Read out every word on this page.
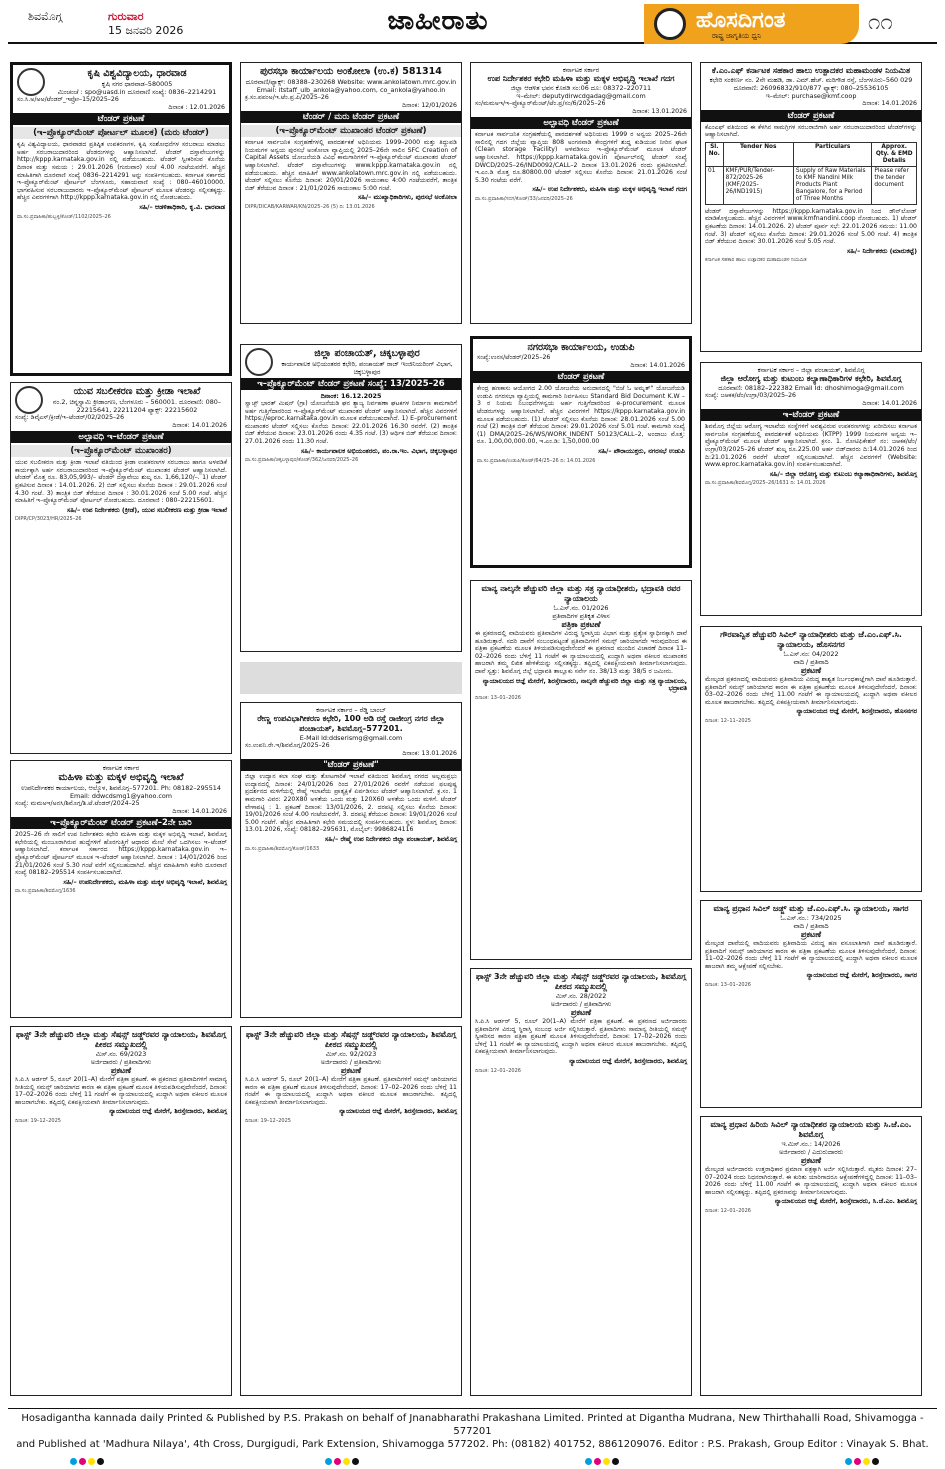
ಶಿವಮೊಗ್ಗ	ಗುರುವಾರ
15 ಜನವರಿ 2026	ಜಾಹೀರಾತು	ಹೊಸದಿಗಂತ
ರಾಷ್ಟ್ರ ಜಾಗೃತಿಯ ಧ್ವನಿ
೧೧
ಕೃಷಿ ವಿಶ್ವವಿದ್ಯಾಲಯ, ಧಾರವಾಡ
ಕೃಷಿ ನಗರ ಧಾರವಾಡ–580005
ಮಿಂಚಂಚೆ : spo@uasd.in ದೂರವಾಣಿ ಸಂಖ್ಯೆ: 0836–2214291
ಸಂ.ಸಿ.ಅ/ಅಅ/ಟೆಂಡರ್_ಇಪ್ರೋ–15/2025–26
ದಿನಾಂಕ : 12.01.2026
ಟೆಂಡರ್ ಪ್ರಕಟಣೆ
(ಇ–ಪ್ರೊಕ್ಯೂರ್‌ಮೆಂಟ್ ಪೋರ್ಟಲ್ ಮೂಲಕ) (ಮರು ಟೆಂಡರ್)

ಕೃಷಿ ವಿಶ್ವವಿದ್ಯಾಲಯ, ಧಾರವಾಡದ ಪ್ರತಿಷ್ಠಿತ ಉಪಕರಣಗಳ, ಕೃಷಿ ಸಂಶೋಧನೆಗಳ ಸರಬರಾಜು ಮಾಡಲು ಅರ್ಹ ಸರಬರಾಜುದಾರರಿಂದ ಟೆಂಡರುಗಳನ್ನು ಆಹ್ವಾನಿಸಲಾಗಿದೆ. ಟೆಂಡರ್ ದಸ್ತಾವೇಜುಗಳನ್ನು http://kppp.karnataka.gov.in ನಲ್ಲಿ ಪಡೆಯಬಹುದು. ಟೆಂಡರ್ ಸ್ವೀಕರಿಸುವ ಕೊನೆಯ ದಿನಾಂಕ ಮತ್ತು ಸಮಯ : 29.01.2026 (ಗುರುವಾರ) ಸಂಜೆ 4.00 ಗಂಟೆಯವರೆಗೆ. ಹೆಚ್ಚಿನ ಮಾಹಿತಿಗಾಗಿ ದೂರವಾಣಿ ಸಂಖ್ಯೆ 0836–2214291 ಅನ್ನು ಸಂಪರ್ಕಿಸಬಹುದು. ಕರ್ನಾಟಕ ಸರ್ಕಾರದ ಇ–ಪ್ರೊಕ್ಯೂರ್‌ಮೆಂಟ್ ಪೋರ್ಟಲ್ ಬೆಂಗಳೂರು, ಸಹಾಯವಾಣಿ ಸಂಖ್ಯೆ : 080–46010000. ಭಾಗವಹಿಸುವ ಸರಬರಾಜುದಾರರು ಇ–ಪ್ರೊಕ್ಯೂರ್‌ಮೆಂಟ್ ಪೋರ್ಟಲ್ ಮೂಲಕ ಟೆಂಡರನ್ನು ಸಲ್ಲಿಸತಕ್ಕದ್ದು. ಹೆಚ್ಚಿನ ವಿವರಗಳಿಗಾಗಿ http://kppp.karnataka.gov.in ನಲ್ಲಿ ನೋಡಬಹುದು.

ಸಹಿ/– ಆಡಳಿತಾಧಿಕಾರಿ, ಕೃ.ವಿ. ಧಾರವಾಡ
ವಾ.ಸಂ.ಪ್ರವಾಹಿಕಾ/ಹುಬ್ಬಳ್ಳಿ/ಕೋಡ್/1102/2025–26
ಯುವ ಸಬಲೀಕರಣ ಮತ್ತು ಕ್ರೀಡಾ ಇಲಾಖೆ
ನಂ.2, ಚಿನ್ನಸ್ವಾಮಿ ಕ್ರೀಡಾಂಗಣ, ಬೆಂಗಳೂರು – 560001. ದೂರವಾಣಿ: 080–22215641, 22211204 ಫ್ಯಾಕ್ಸ್: 22215602
ಸಂಖ್ಯೆ: ಡಿವೈಎಸ್/ಕ್ರೀಡೆ/ಇ–ಟೆಂಡರ್/02/2025–26
ದಿನಾಂಕ: 14.01.2026
ಅಲ್ಪಾವಧಿ ಇ–ಟೆಂಡರ್ ಪ್ರಕಟಣೆ
(ಇ–ಪ್ರೊಕ್ಯೂರ್‌ಮೆಂಟ್ ಮುಖಾಂತರ)

ಯುವ ಸಬಲೀಕರಣ ಮತ್ತು ಕ್ರೀಡಾ ಇಲಾಖೆ ವತಿಯಿಂದ ಕ್ರೀಡಾ ಉಪಕರಣಗಳ ಸರಬರಾಜು ಹಾಗೂ ಅಳವಡಿಕೆ ಕಾರ್ಯಕ್ಕಾಗಿ ಅರ್ಹ ಸರಬರಾಜುದಾರರಿಂದ ಇ–ಪ್ರೊಕ್ಯೂರ್‌ಮೆಂಟ್ ಮುಖಾಂತರ ಟೆಂಡರ್ ಆಹ್ವಾನಿಸಲಾಗಿದೆ. ಟೆಂಡರ್ ಮೊತ್ತ ರೂ. 83,05,993/– ಟೆಂಡರ್ ದಸ್ತಾವೇಜು ಶುಲ್ಕ ರೂ. 1,66,120/–. 1) ಟೆಂಡರ್ ಪ್ರಕಟಿಸುವ ದಿನಾಂಕ : 14.01.2026. 2) ಬಿಡ್ ಸಲ್ಲಿಸಲು ಕೊನೆಯ ದಿನಾಂಕ : 29.01.2026 ಸಂಜೆ 4.30 ಗಂಟೆ. 3) ತಾಂತ್ರಿಕ ಬಿಡ್ ತೆರೆಯುವ ದಿನಾಂಕ : 30.01.2026 ಸಂಜೆ 5.00 ಗಂಟೆ. ಹೆಚ್ಚಿನ ಮಾಹಿತಿಗೆ ಇ–ಪ್ರೊಕ್ಯೂರ್‌ಮೆಂಟ್ ಪೋರ್ಟಲ್ ನೋಡಬಹುದು. ದೂರವಾಣಿ : 080–22215601.

ಸಹಿ/– ಉಪ ನಿರ್ದೇಶಕರು (ಕ್ರೀಡೆ), ಯುವ ಸಬಲೀಕರಣ ಮತ್ತು ಕ್ರೀಡಾ ಇಲಾಖೆ
DIPR/CP/3023/HR/2025–26
ಕರ್ನಾಟಕ ಸರ್ಕಾರ
ಮಹಿಳಾ ಮತ್ತು ಮಕ್ಕಳ ಅಭಿವೃದ್ಧಿ ಇಲಾಖೆ
ಉಪನಿರ್ದೇಶಕರ ಕಾರ್ಯಾಲಯ, ಆಲ್ಕೊಳ, ಶಿವಮೊಗ್ಗ–577201. Ph: 08182–295514 Email: ddwcdsmg1@yahoo.com
ಸಂಖ್ಯೆ: ಮಮಅಇ/ಅನಸಿ/ಶಿಮೊಗ್ಗ/ಶಿ.ಟೆ.ಟೆಂಡರ್/2024–25
ದಿನಾಂಕ: 14.01.2026
ಇ–ಪ್ರೊಕ್ಯೂರ್‌ಮೆಂಟ್ ಟೆಂಡರ್ ಪ್ರಕಟಣೆ–2ನೇ ಬಾರಿ

2025–26 ನೇ ಸಾಲಿಗೆ ಉಪ ನಿರ್ದೇಶಕರು ಕಛೇರಿ ಮಹಿಳಾ ಮತ್ತು ಮಕ್ಕಳ ಅಭಿವೃದ್ಧಿ ಇಲಾಖೆ, ಶಿವಮೊಗ್ಗ ಕಛೇರಿಯಲ್ಲಿ ಮಂಜೂರಾಗಿರುವ ಹುದ್ದೆಗಳಿಗೆ ಹೊರಗುತ್ತಿಗೆ ಆಧಾರದ ಮೇಲೆ ಸೇವೆ ಒದಗಿಸಲು ಇ–ಟೆಂಡರ್ ಆಹ್ವಾನಿಸಲಾಗಿದೆ. ಕರ್ನಾಟಕ ಸರ್ಕಾರದ https://kppp.karnataka.gov.in ಇ–ಪ್ರೊಕ್ಯೂರ್‌ಮೆಂಟ್ ಪೋರ್ಟಲ್ ಮೂಲಕ ಇ–ಟೆಂಡರ್ ಆಹ್ವಾನಿಸಲಾಗಿದೆ. ದಿನಾಂಕ : 14/01/2026 ರಿಂದ 21/01/2026 ಸಂಜೆ 5.30 ಗಂಟೆ ವರೆಗೆ ಸಲ್ಲಿಸಬಹುದಾಗಿದೆ. ಹೆಚ್ಚಿನ ಮಾಹಿತಿಗಾಗಿ ಕಚೇರಿ ದೂರವಾಣಿ ಸಂಖ್ಯೆ 08182–295514 ಸಂಪರ್ಕಿಸಬಹುದಾಗಿದೆ.

ಸಹಿ/– ಉಪನಿರ್ದೇಶಕರು, ಮಹಿಳಾ ಮತ್ತು ಮಕ್ಕಳ ಅಭಿವೃದ್ಧಿ ಇಲಾಖೆ, ಶಿವಮೊಗ್ಗ
ವಾ.ಸಂ.ಪ್ರವಾಹಿಕಾ/ಶಿವಮೊಗ್ಗ/1636
ಫಾಸ್ಟ್ 3ನೇ ಹೆಚ್ಚುವರಿ ಜಿಲ್ಲಾ ಮತ್ತು ಸೆಷನ್ಸ್ ಜಡ್ಜ್‌ರವರ ನ್ಯಾಯಾಲಯ, ಶಿವಮೊಗ್ಗ ಪೀಠದ ಸಮ್ಮುಖದಲ್ಲಿ
ಮಿಸ್.ನಂ. 69/2023
ಅರ್ಜಿದಾರರು / ಪ್ರತಿವಾದಿಗಳು
ಪ್ರಕಟಣೆ

ಸಿ.ಪಿ.ಸಿ ಆರ್ಡರ್ 5, ರೂಲ್ 20(1–A) ಮೇರೆಗೆ ಪತ್ರಿಕಾ ಪ್ರಕಟಣೆ. ಈ ಪ್ರಕರಣದ ಪ್ರತಿವಾದಿಗಳಿಗೆ ಸಾಮಾನ್ಯ ರೀತಿಯಲ್ಲಿ ಸಮನ್ಸ್ ಜಾರಿಯಾಗದ ಕಾರಣ ಈ ಪತ್ರಿಕಾ ಪ್ರಕಟಣೆ ಮೂಲಕ ತಿಳಿಯಪಡಿಸುವುದೇನೆಂದರೆ, ದಿನಾಂಕ: 17–02–2026 ರಂದು ಬೆಳಿಗ್ಗೆ 11 ಗಂಟೆಗೆ ಈ ನ್ಯಾಯಾಲಯದಲ್ಲಿ ಖುದ್ದಾಗಿ ಅಥವಾ ವಕೀಲರ ಮೂಲಕ ಹಾಜರಾಗಬೇಕು. ತಪ್ಪಿದಲ್ಲಿ ಏಕಪಕ್ಷೀಯವಾಗಿ ತೀರ್ಮಾನಿಸಲಾಗುವುದು.

ನ್ಯಾಯಾಲಯದ ಆಜ್ಞೆ ಮೇರೆಗೆ, ಶಿರಸ್ತೇದಾರರು, ಶಿವಮೊಗ್ಗ
ದಿನಾಂಕ: 19–12–2025
ಪುರಸಭಾ ಕಾರ್ಯಾಲಯ ಅಂಕೋಲಾ (ಉ.ಕ) 581314
ದೂರವಾಣಿ/ಫ್ಯಾಕ್ಸ್: 08388–230268 Website: www.ankolatown.mrc.gov.in
Email: itstaff_ulb_ankola@yahoo.com, co_ankola@yahoo.in
ಕ್ರ.ಸಂ.ಪಪಂಅ/ಇ.ಟೆಂ.ಪ್ರ.ಪಿ/2025–26
ದಿನಾಂಕ: 12/01/2026
ಟೆಂಡರ್ / ಮರು ಟೆಂಡರ್ ಪ್ರಕಟಣೆ
(ಇ–ಪ್ರೊಕ್ಯೂರ್‌ಮೆಂಟ್ ಮುಖಾಂತರ ಟೆಂಡರ್ ಪ್ರಕಟಣೆ)

ಕರ್ನಾಟಕ ಸಾರ್ವಜನಿಕ ಸಂಗ್ರಹಣೆಗಳಲ್ಲಿ ಪಾರದರ್ಶಕತೆ ಅಧಿನಿಯಮ 1999–2000 ಮತ್ತು ತಿದ್ದುಪಡಿ ನಿಯಮಗಳ ಅನ್ವಯ ಪುರಸಭೆ ಅಂಕೋಲಾ ವ್ಯಾಪ್ತಿಯಲ್ಲಿ 2025–26ನೇ ಸಾಲಿನ SFC Creation of Capital Assets ಯೋಜನೆಯಡಿ ವಿವಿಧ ಕಾಮಗಾರಿಗಳಿಗೆ ಇ–ಪ್ರೊಕ್ಯೂರ್‌ಮೆಂಟ್ ಮುಖಾಂತರ ಟೆಂಡರ್ ಆಹ್ವಾನಿಸಲಾಗಿದೆ. ಟೆಂಡರ್ ದಸ್ತಾವೇಜುಗಳನ್ನು www.kppp.karnataka.gov.in ನಲ್ಲಿ ಪಡೆಯಬಹುದು. ಹೆಚ್ಚಿನ ಮಾಹಿತಿಗೆ www.ankolatown.mrc.gov.in ನಲ್ಲಿ ಪಡೆಯಬಹುದು. ಟೆಂಡರ್ ಸಲ್ಲಿಸಲು ಕೊನೆಯ ದಿನಾಂಕ: 20/01/2026 ಸಾಯಂಕಾಲ 4:00 ಗಂಟೆಯವರೆಗೆ, ತಾಂತ್ರಿಕ ಬಿಡ್ ತೆರೆಯುವ ದಿನಾಂಕ : 21/01/2026 ಸಾಯಂಕಾಲ 5:00 ಗಂಟೆ.

ಸಹಿ/– ಮುಖ್ಯಾಧಿಕಾರಿಗಳು, ಪುರಸಭೆ ಅಂಕೋಲಾ
DIPR/DICAB/KARWAR/KN/2025–26 (5) ದಿ: 13.01.2026
ಜಿಲ್ಲಾ ಪಂಚಾಯತ್, ಚಿಕ್ಕಬಳ್ಳಾಪುರ
ಕಾರ್ಯಪಾಲಕ ಅಭಿಯಂತರರ ಕಛೇರಿ, ಪಂಚಾಯತ್ ರಾಜ್ ಇಂಜಿನಿಯರಿಂಗ್ ವಿಭಾಗ, ಚಿಕ್ಕಬಳ್ಳಾಪುರ
ಇ–ಪ್ರೊಕ್ಯೂರ್‌ಮೆಂಟ್ ಟೆಂಡರ್ ಪ್ರಕಟಣೆ ಸಂಖ್ಯೆ: 13/2025–26
ದಿನಾಂಕ: 16.12.2025

ಸ್ವಾಚ್ಛ್ ಭಾರತ್ ಮಿಷನ್ (ಗ್ರಾ) ಯೋಜನೆಯಡಿ ಘನ ತ್ಯಾಜ್ಯ ನಿರ್ವಹಣಾ ಘಟಕಗಳ ನಿರ್ಮಾಣ ಕಾಮಗಾರಿಗೆ ಅರ್ಹ ಗುತ್ತಿಗೆದಾರರಿಂದ ಇ–ಪ್ರೊಕ್ಯೂರ್‌ಮೆಂಟ್ ಮುಖಾಂತರ ಟೆಂಡರ್ ಆಹ್ವಾನಿಸಲಾಗಿದೆ. ಹೆಚ್ಚಿನ ವಿವರಗಳಿಗೆ https://eproc.karnataka.gov.in ಮೂಲಕ ಪಡೆಯಬಹುದಾಗಿದೆ. 1) E–procurement ಮುಖಾಂತರ ಟೆಂಡರ್ ಸಲ್ಲಿಸಲು ಕೊನೆಯ ದಿನಾಂಕ: 22.01.2026 16.30 ರವರೆಗೆ. (2) ತಾಂತ್ರಿಕ ಬಿಡ್ ತೆರೆಯುವ ದಿನಾಂಕ: 23.01.2026 ರಂದು 4.35 ಗಂಟೆ. (3) ಆರ್ಥಿಕ ಬಿಡ್ ತೆರೆಯುವ ದಿನಾಂಕ: 27.01.2026 ರಂದು 11.30 ಗಂಟೆ.

ಸಹಿ/– ಕಾರ್ಯಪಾಲಕ ಅಭಿಯಂತರರು, ಪಂ.ರಾ.ಇಂ. ವಿಭಾಗ, ಚಿಕ್ಕಬಳ್ಳಾಪುರ
ವಾ.ಸಂ.ಪ್ರವಾಹಿಕಾ/ಚಿಕ್ಕಬಳ್ಳಾಪುರ/ಕೋಡ್/362/ಜನವರಿ/2025–26
ಕರ್ನಾಟಕ ಸರ್ಕಾರ – ರೆಡ್ಡಿ ಬಾಂಬ್
ರೇಣ್ಣ ಉಪವಿಭಾಗೀಕರಣ ಕಛೇರಿ, 100 ಅಡಿ ರಸ್ತೆ ರಾಜೀಂಗ್ರ ನಗರ ಜಿಲ್ಲಾ ಪಂಚಾಯತ್, ಶಿವಮೊಗ್ಗ–577201.
E-Mail ld:ddserismg@gmail.com
ಸಂ.ಉಪನಿ.ರೇ.ಇ/ಶಿವಮೊಗ್ಗ/2025–26
ದಿನಾಂಕ: 13.01.2026
"ಟೆಂಡರ್ ಪ್ರಕಟಣೆ"

ಜಿಲ್ಲಾ ಉದ್ಯಾನ ಕಲಾ ಸಂಘ ಮತ್ತು ತೋಟಗಾರಿಕೆ ಇಲಾಖೆ ವತಿಯಿಂದ ಶಿವಮೊಗ್ಗ ನಗರದ ಅಲ್ಲಮಪ್ರಭು ಉದ್ಯಾನದಲ್ಲಿ ದಿನಾಂಕ: 24/01/2026 ರಿಂದ 27/01/2026 ರವರೆಗೆ ನಡೆಯುವ ಫಲಪುಷ್ಪ ಪ್ರದರ್ಶನದ ಮಳಿಗೆಯಲ್ಲಿ ರೇಷ್ಮೆ ಇಲಾಖೆಯ ಪ್ರಾತ್ಯಕ್ಷಿಕೆ ಏರ್ಪಡಿಸಲು ಟೆಂಡರ್ ಆಹ್ವಾನಿಸಲಾಗಿದೆ. ಕ್ರ.ಸಂ. 1 ಕಾಮಗಾರಿ ವಿವರ: 220X80 ಅಳತೆಯ ಒಂದು ಮತ್ತು 120X60 ಅಳತೆಯ ಒಂದು ಮಳಿಗೆ. ಟೆಂಡರ್ ವೇಳಾಪಟ್ಟಿ : 1. ಪ್ರಕಟಣೆ ದಿನಾಂಕ: 13/01/2026, 2. ದರಪಟ್ಟಿ ಸಲ್ಲಿಸಲು ಕೊನೆಯ ದಿನಾಂಕ: 19/01/2026 ಸಂಜೆ 4.00 ಗಂಟೆಯವರೆಗೆ, 3. ದರಪಟ್ಟಿ ತೆರೆಯುವ ದಿನಾಂಕ: 19/01/2026 ಸಂಜೆ 5.00 ಗಂಟೆಗೆ. ಹೆಚ್ಚಿನ ಮಾಹಿತಿಗಾಗಿ ಕಛೇರಿ ಸಮಯದಲ್ಲಿ ಸಂಪರ್ಕಿಸಬಹುದು. ಸ್ಥಳ: ಶಿವಮೊಗ್ಗ ದಿನಾಂಕ: 13.01.2026, ಸಂಖ್ಯೆ: 08182–295631, ಮೊಬೈಲ್: 9986824116

ಸಹಿ/– ರೇಷ್ಮೆ ಉಪ ನಿರ್ದೇಶಕರು ಜಿಲ್ಲಾ ಪಂಚಾಯತ್, ಶಿವಮೊಗ್ಗ
ವಾ.ಸಂ.ಪ್ರವಾಹಿಕಾ/ಶಿವಮೊಗ್ಗ/ಕೋಡ್/1633
ಫಾಸ್ಟ್ 3ನೇ ಹೆಚ್ಚುವರಿ ಜಿಲ್ಲಾ ಮತ್ತು ಸೆಷನ್ಸ್ ಜಡ್ಜ್‌ರವರ ನ್ಯಾಯಾಲಯ, ಶಿವಮೊಗ್ಗ ಪೀಠದ ಸಮ್ಮುಖದಲ್ಲಿ
ಮಿಸ್.ನಂ. 92/2023
ಅರ್ಜಿದಾರರು / ಪ್ರತಿವಾದಿಗಳು
ಪ್ರಕಟಣೆ

ಸಿ.ಪಿ.ಸಿ ಆರ್ಡರ್ 5, ರೂಲ್ 20(1–A) ಮೇರೆಗೆ ಪತ್ರಿಕಾ ಪ್ರಕಟಣೆ. ಪ್ರತಿವಾದಿಗಳಿಗೆ ಸಮನ್ಸ್ ಜಾರಿಯಾಗದ ಕಾರಣ ಈ ಪತ್ರಿಕಾ ಪ್ರಕಟಣೆ ಮೂಲಕ ತಿಳಿಸುವುದೇನೆಂದರೆ, ದಿನಾಂಕ: 17–02–2026 ರಂದು ಬೆಳಿಗ್ಗೆ 11 ಗಂಟೆಗೆ ಈ ನ್ಯಾಯಾಲಯದಲ್ಲಿ ಖುದ್ದಾಗಿ ಅಥವಾ ವಕೀಲರ ಮೂಲಕ ಹಾಜರಾಗಬೇಕು. ತಪ್ಪಿದಲ್ಲಿ ಏಕಪಕ್ಷೀಯವಾಗಿ ತೀರ್ಮಾನಿಸಲಾಗುವುದು.

ನ್ಯಾಯಾಲಯದ ಆಜ್ಞೆ ಮೇರೆಗೆ, ಶಿರಸ್ತೇದಾರರು, ಶಿವಮೊಗ್ಗ
ದಿನಾಂಕ: 19–12–2025
ಕರ್ನಾಟಕ ಸರ್ಕಾರ
ಉಪ ನಿರ್ದೇಶಕರ ಕಛೇರಿ ಮಹಿಳಾ ಮತ್ತು ಮಕ್ಕಳ ಅಭಿವೃದ್ಧಿ ಇಲಾಖೆ ಗದಗ
ಜಿಲ್ಲಾ ಆಡಳಿತ ಭವನ ಕೊಠಡಿ ಸಂ:06 ದೂ: 08372–220711
ಇ–ಮೇಲ್: deputydirwcdgadag@gmail.com
ಸಂ/ಮಮಅಇ/ಇ–ಪ್ರೊಕ್ಯೂರ್‌ಮೆಂಟ್/ಟೆಂ.ಪ್ರ/ಸಂ/6/2025–26
ದಿನಾಂಕ: 13.01.2026
ಅಲ್ಪಾವಧಿ ಟೆಂಡರ್ ಪ್ರಕಟಣೆ

ಕರ್ನಾಟಕ ಸಾರ್ವಜನಿಕ ಸಂಗ್ರಹಣೆಯಲ್ಲಿ ಪಾರದರ್ಶಕತೆ ಅಧಿನಿಯಮ 1999 ರ ಅನ್ವಯ 2025–26ನೇ ಸಾಲಿನಲ್ಲಿ ಗದಗ ಜಿಲ್ಲೆಯ ವ್ಯಾಪ್ತಿಯ 808 ಅಂಗನವಾಡಿ ಕೇಂದ್ರಗಳಿಗೆ ಶುದ್ಧ ಕುಡಿಯುವ ನೀರಿನ ಘಟಕ (Clean storage Facility) ಅಳವಡಿಸಲು ಇ–ಪ್ರೊಕ್ಯೂರ್‌ಮೆಂಟ್ ಮೂಲಕ ಟೆಂಡರ್ ಆಹ್ವಾನಿಸಲಾಗಿದೆ. https://kppp.karnataka.gov.in ಪೋರ್ಟಲ್‌ನಲ್ಲಿ ಟೆಂಡರ್ ಸಂಖ್ಯೆ DWCD/2025–26/IND0092/CALL–2 ದಿನಾಂಕ 13.01.2026 ರಂದು ಪ್ರಕಟಿಸಲಾಗಿದೆ. ಇ.ಎಂ.ಡಿ ಮೊತ್ತ ರೂ.80800.00 ಟೆಂಡರ್ ಸಲ್ಲಿಸಲು ಕೊನೆಯ ದಿನಾಂಕ: 21.01.2026 ಸಂಜೆ 5.30 ಗಂಟೆಯ ವರೆಗೆ.

ಸಹಿ/– ಉಪ ನಿರ್ದೇಶಕರು, ಮಹಿಳಾ ಮತ್ತು ಮಕ್ಕಳ ಅಭಿವೃದ್ಧಿ ಇಲಾಖೆ ಗದಗ
ವಾ.ಸಂ.ಪ್ರವಾಹಿಕಾ/ಗದಗ/ಕೋಡ್/33/ಜನವರಿ/2025–26
ನಗರಸಭಾ ಕಾರ್ಯಾಲಯ, ಉಡುಪಿ
ಸಂಖ್ಯೆ:ಉನಸ/ಟೆಂಡರ್/2025–26
ದಿನಾಂಕ: 14.01.2026
ಟೆಂಡರ್ ಪ್ರಕಟಣೆ

ಕೇಂದ್ರ ಹಣಕಾಸು ಆಯೋಗದ 2.00 ಯೋಜನೆಯ ಅನುದಾನದಲ್ಲಿ "ಬಿಜೆ ಓ ಅಮೃತ್" ಯೋಜನೆಯಡಿ ಉಡುಪಿ ನಗರಸಭಾ ವ್ಯಾಪ್ತಿಯಲ್ಲಿ ಕಾಮಗಾರಿ ನಿರ್ವಹಿಸಲು Standard Bid Document K.W – 3 ರ ನಿಯಮ ನಿಬಂಧನೆಗಳನ್ವಯ ಅರ್ಹ ಗುತ್ತಿಗೆದಾರರಿಂದ e-procurement ಮೂಲಕ ಟೆಂಡರುಗಳನ್ನು ಆಹ್ವಾನಿಸಲಾಗಿದೆ. ಹೆಚ್ಚಿನ ವಿವರಗಳಿಗೆ https://kppp.karnataka.gov.in ಮೂಲಕ ಪಡೆಯಬಹುದು. (1) ಟೆಂಡರ್ ಸಲ್ಲಿಸಲು ಕೊನೆಯ ದಿನಾಂಕ: 28.01.2026 ಸಂಜೆ 5.00 ಗಂಟೆ (2) ತಾಂತ್ರಿಕ ಬಿಡ್ ತೆರೆಯುವ ದಿನಾಂಕ: 29.01.2026 ಸಂಜೆ 5.01 ಗಂಟೆ. ಕಾಮಗಾರಿ ಸಂಖ್ಯೆ (1) DMA/2025–26/WS/WORK_INDENT 50123/CALL–2, ಅಂದಾಜು ಮೊತ್ತ: ರೂ. 1,00,00,000.00, ಇ.ಎಂ.ಡಿ: 1,50,000.00

ಸಹಿ/– ಪೌರಾಯುಕ್ತರು, ನಗರಸಭೆ ಉಡುಪಿ
ವಾ.ಸಂ.ಪ್ರವಾಹಿಕಾ/ಉಡುಪಿ/ಕೋಡ್/64/25–26 ದಿ: 14.01.2026
ಮಾನ್ಯ ನಾಲ್ಕನೇ ಹೆಚ್ಚುವರಿ ಜಿಲ್ಲಾ ಮತ್ತು ಸತ್ರ ನ್ಯಾಯಾಧೀಶರು, ಭದ್ರಾವತಿ ರವರ ನ್ಯಾಯಾಲಯ
ಓ.ಎಸ್.ನಂ. 01/2026
ಪ್ರತಿವಾದಿಗಳ ಪ್ರತಿಕೃತ ವಿಳಾಸ
ಪತ್ರಿಕಾ ಪ್ರಕಟಣೆ

ಈ ಪ್ರಕರಣದಲ್ಲಿ ವಾದಿಯವರು ಪ್ರತಿವಾದಿಗಳ ವಿರುದ್ಧ ಸ್ಥಿರಾಸ್ತಿಯ ವಿಭಾಗ ಮತ್ತು ಪ್ರತ್ಯೇಕ ಸ್ವಾಧೀನಕ್ಕಾಗಿ ದಾವೆ ಹೂಡಿರುತ್ತಾರೆ. ಸದರಿ ದಾವೆಗೆ ಸಂಬಂಧಪಟ್ಟಂತೆ ಪ್ರತಿವಾದಿಗಳಿಗೆ ಸಮನ್ಸ್ ಜಾರಿಯಾಗದೇ ಇರುವುದರಿಂದ ಈ ಪತ್ರಿಕಾ ಪ್ರಕಟಣೆಯ ಮೂಲಕ ತಿಳಿಯಪಡಿಸುವುದೇನೆಂದರೆ ಈ ಪ್ರಕರಣದ ಮುಂದಿನ ವಿಚಾರಣೆ ದಿನಾಂಕ 11–02–2026 ರಂದು ಬೆಳಿಗ್ಗೆ 11 ಗಂಟೆಗೆ ಈ ನ್ಯಾಯಾಲಯದಲ್ಲಿ ಖುದ್ದಾಗಿ ಅಥವಾ ವಕೀಲರ ಮುಖಾಂತರ ಹಾಜರಾಗಿ ತಮ್ಮ ಲಿಖಿತ ಹೇಳಿಕೆಯನ್ನು ಸಲ್ಲಿಸತಕ್ಕದ್ದು. ತಪ್ಪಿದಲ್ಲಿ ಏಕಪಕ್ಷೀಯವಾಗಿ ತೀರ್ಮಾನಿಸಲಾಗುವುದು. ದಾವೆ ಸ್ವತ್ತು: ಶಿವಮೊಗ್ಗ ಜಿಲ್ಲೆ ಭದ್ರಾವತಿ ತಾಲ್ಲೂಕು ಸರ್ವೇ ನಂ. 38/13 ಮತ್ತು 38/5 ರ ಜಮೀನು.

ನ್ಯಾಯಾಲಯದ ಆಜ್ಞೆ ಮೇರೆಗೆ, ಶಿರಸ್ತೇದಾರರು, ನಾಲ್ಕನೇ ಹೆಚ್ಚುವರಿ ಜಿಲ್ಲಾ ಮತ್ತು ಸತ್ರ ನ್ಯಾಯಾಲಯ, ಭದ್ರಾವತಿ
ದಿನಾಂಕ: 13–01–2026
ಫಾಸ್ಟ್ 3ನೇ ಹೆಚ್ಚುವರಿ ಜಿಲ್ಲಾ ಮತ್ತು ಸೆಷನ್ಸ್ ಜಡ್ಜ್‌ರವರ ನ್ಯಾಯಾಲಯ, ಶಿವಮೊಗ್ಗ ಪೀಠದ ಸಮ್ಮುಖದಲ್ಲಿ
ಮಿಸ್.ನಂ. 28/2022
ಅರ್ಜಿದಾರರು / ಪ್ರತಿವಾದಿಗಳು
ಪ್ರಕಟಣೆ

ಸಿ.ಪಿ.ಸಿ ಆರ್ಡರ್ 5, ರೂಲ್ 20(1–A) ಮೇರೆಗೆ ಪತ್ರಿಕಾ ಪ್ರಕಟಣೆ. ಈ ಪ್ರಕರಣದ ಅರ್ಜಿದಾರರು ಪ್ರತಿವಾದಿಗಳ ವಿರುದ್ಧ ಸ್ಥಿರಾಸ್ತಿ ಸಂಬಂಧ ಅರ್ಜಿ ಸಲ್ಲಿಸಿರುತ್ತಾರೆ. ಪ್ರತಿವಾದಿಗಳು ಸಾಮಾನ್ಯ ರೀತಿಯಲ್ಲಿ ಸಮನ್ಸ್ ಸ್ವೀಕರಿಸದ ಕಾರಣ ಪತ್ರಿಕಾ ಪ್ರಕಟಣೆ ಮೂಲಕ ತಿಳಿಸುವುದೇನೆಂದರೆ, ದಿನಾಂಕ: 17–02–2026 ರಂದು ಬೆಳಿಗ್ಗೆ 11 ಗಂಟೆಗೆ ಈ ನ್ಯಾಯಾಲಯದಲ್ಲಿ ಖುದ್ದಾಗಿ ಅಥವಾ ವಕೀಲರ ಮೂಲಕ ಹಾಜರಾಗಬೇಕು. ತಪ್ಪಿದಲ್ಲಿ ಏಕಪಕ್ಷೀಯವಾಗಿ ತೀರ್ಮಾನಿಸಲಾಗುವುದು.

ನ್ಯಾಯಾಲಯದ ಆಜ್ಞೆ ಮೇರೆಗೆ, ಶಿರಸ್ತೇದಾರರು, ಶಿವಮೊಗ್ಗ
ದಿನಾಂಕ: 12–01–2026
ಕೆ.ಎಂ.ಎಫ್ ಕರ್ನಾಟಕ ಸಹಕಾರ ಹಾಲು ಉತ್ಪಾದಕರ ಮಹಾಮಂಡಳ ನಿಯಮಿತ
ಕಛೇರಿ ಸಂಕೀರ್ಣ ನಂ. 2ನೇ ಮಹಡಿ, ಡಾ. ಎಮ್.ಹೆಚ್. ಮರಿಗೌಡ ರಸ್ತೆ, ಬೆಂಗಳೂರು–560 029 ದೂರವಾಣಿ: 26096832/910/877 ಫ್ಯಾಕ್ಸ್: 080–25536105
ಇ–ಮೇಲ್: purchase@kmf.coop
ದಿನಾಂಕ: 14.01.2026
ಟೆಂಡರ್ ಪ್ರಕಟಣೆ

ಕೆಎಂಎಫ್ ವತಿಯಿಂದ ಈ ಕೆಳಗಿನ ಸಾಮಗ್ರಿಗಳ ಸರಬರಾಜಿಗಾಗಿ ಅರ್ಹ ಸರಬರಾಜುದಾರರಿಂದ ಟೆಂಡರ್‌ಗಳನ್ನು ಆಹ್ವಾನಿಸಲಾಗಿದೆ.

Sl. No.	Tender Nos	Particulars	Approx. Qty. & EMD Details
01	KMF/PUR/Tender-872/2025-26 (KMF/2025-26/IND1915)	Supply of Raw Materials to KMF Nandini Milk Products Plant Bangalore, for a Period of Three Months	Please refer the tender document

ಟೆಂಡರ್ ದಸ್ತಾವೇಜುಗಳನ್ನು https://kppp.karnataka.gov.in ನಿಂದ ಡೌನ್‌ಲೋಡ್ ಮಾಡಿಕೊಳ್ಳಬಹುದು. ಹೆಚ್ಚಿನ ವಿವರಗಳಿಗೆ www.kmfnandini.coop ನೋಡಬಹುದು. 1) ಟೆಂಡರ್ ಪ್ರಕಟಣೆಯ ದಿನಾಂಕ: 14.01.2026. 2) ಟೆಂಡರ್ ಪೂರ್ವ ಸಭೆ: 22.01.2026 ಸಮಯ: 11.00 ಗಂಟೆ. 3) ಟೆಂಡರ್ ಸಲ್ಲಿಸಲು ಕೊನೆಯ ದಿನಾಂಕ: 29.01.2026 ಸಂಜೆ 5.00 ಗಂಟೆ. 4) ತಾಂತ್ರಿಕ ಬಿಡ್ ತೆರೆಯುವ ದಿನಾಂಕ: 30.01.2026 ಸಂಜೆ 5.05 ಗಂಟೆ.

ಸಹಿ/– ನಿರ್ದೇಶಕರು (ಮಾರುಕಟ್ಟೆ)
ಕರ್ನಾಟಕ ಸಹಕಾರ ಹಾಲು ಉತ್ಪಾದಕರ ಮಹಾಮಂಡಳ ನಿಯಮಿತ
ಕರ್ನಾಟಕ ಸರ್ಕಾರ – ಜಿಲ್ಲಾ ಪಂಚಾಯತ್, ಶಿವಮೊಗ್ಗ
ಜಿಲ್ಲಾ ಆರೋಗ್ಯ ಮತ್ತು ಕುಟುಂಬ ಕಲ್ಯಾಣಾಧಿಕಾರಿಗಳ ಕಛೇರಿ, ಶಿವಮೊಗ್ಗ
ದೂರವಾಣಿ: 08182–222382 Email Id: dhoshimoga@gmail.com
ಸಂಖ್ಯೆ: ಜಆಕಕ/ಟೆಂ/ಉಗ್ರಾ/03/2025–26
ದಿನಾಂಕ: 14.01.2026
ಇ–ಟೆಂಡರ್ ಪ್ರಕಟಣೆ

ಶಿವಮೊಗ್ಗ ಜಿಲ್ಲೆಯ ಆರೋಗ್ಯ ಇಲಾಖೆಯ ಸಂಸ್ಥೆಗಳಿಗೆ ಅವಶ್ಯವಿರುವ ಉಪಕರಣಗಳನ್ನು ಖರೀದಿಸಲು ಕರ್ನಾಟಕ ಸಾರ್ವಜನಿಕ ಸಂಗ್ರಹಣೆಯಲ್ಲಿ ಪಾರದರ್ಶಕತೆ ಅಧಿನಿಯಮ (KTPP) 1999 ನಿಯಮಗಳ ಅನ್ವಯ ಇ–ಪ್ರೊಕ್ಯೂರ್‌ಮೆಂಟ್ ಮೂಲಕ ಟೆಂಡರ್ ಆಹ್ವಾನಿಸಲಾಗಿದೆ. ಕ್ರಸಂ. 1. ನೋಟಿಫಿಕೇಶನ್ ನಂ: ಜಆಕಕ/ಟೆಂ/ಉಗ್ರಾ/03/2025–26 ಟೆಂಡರ್ ಶುಲ್ಕ ರೂ.225.00 ಅರ್ಹ ಬಿಡ್‌ದಾರರು ದಿ:14.01.2026 ರಿಂದ ದಿ:21.01.2026 ರವರೆಗೆ ಟೆಂಡರ್ ಸಲ್ಲಿಸಬಹುದಾಗಿದೆ. ಹೆಚ್ಚಿನ ವಿವರಗಳಿಗೆ (Website: www.eproc.karnataka.gov.in) ಸಂಪರ್ಕಿಸಬಹುದಾಗಿದೆ.

ಸಹಿ/– ಜಿಲ್ಲಾ ಆರೋಗ್ಯ ಮತ್ತು ಕುಟುಂಬ ಕಲ್ಯಾಣಾಧಿಕಾರಿಗಳು, ಶಿವಮೊಗ್ಗ
ವಾ.ಸಂ.ಪ್ರವಾಹಿಕಾ/ಶಿವಮೊಗ್ಗ/2025–26/1631 ದಿ: 14.01.2026
ಗೌರವಾನ್ವಿತ ಹೆಚ್ಚುವರಿ ಸಿವಿಲ್ ನ್ಯಾಯಾಧೀಶರು ಮತ್ತು ಜೆ.ಎಂ.ಎಫ್.ಸಿ. ನ್ಯಾಯಾಲಯ, ಹೊಸನಗರ
ಓ.ಎಸ್.ನಂ: 04/2022
ವಾದಿ / ಪ್ರತಿವಾದಿ
ಪ್ರಕಟಣೆ

ಮೇಲ್ಕಂಡ ಪ್ರಕರಣದಲ್ಲಿ ವಾದಿಯವರು ಪ್ರತಿವಾದಿಯ ವಿರುದ್ಧ ಶಾಶ್ವತ ನಿರ್ಬಂಧಕಾಜ್ಞೆಗಾಗಿ ದಾವೆ ಹೂಡಿರುತ್ತಾರೆ. ಪ್ರತಿವಾದಿಗೆ ಸಮನ್ಸ್ ಜಾರಿಯಾಗದ ಕಾರಣ ಈ ಪತ್ರಿಕಾ ಪ್ರಕಟಣೆಯ ಮೂಲಕ ತಿಳಿಸುವುದೇನೆಂದರೆ, ದಿನಾಂಕ: 03–02–2026 ರಂದು ಬೆಳಿಗ್ಗೆ 11.00 ಗಂಟೆಗೆ ಈ ನ್ಯಾಯಾಲಯದಲ್ಲಿ ಖುದ್ದಾಗಿ ಅಥವಾ ವಕೀಲರ ಮೂಲಕ ಹಾಜರಾಗಬೇಕು. ತಪ್ಪಿದಲ್ಲಿ ಏಕಪಕ್ಷೀಯವಾಗಿ ತೀರ್ಮಾನಿಸಲಾಗುವುದು.

ನ್ಯಾಯಾಲಯದ ಆಜ್ಞೆ ಮೇರೆಗೆ, ಶಿರಸ್ತೇದಾರರು, ಹೊಸನಗರ
ದಿನಾಂಕ: 12–11–2025
ಮಾನ್ಯ ಪ್ರಧಾನ ಸಿವಿಲ್ ಜಡ್ಜ್ ಮತ್ತು ಜೆ.ಎಂ.ಎಫ್.ಸಿ. ನ್ಯಾಯಾಲಯ, ಸಾಗರ
ಓ.ಎಸ್.ನಂ.: 734/2025
ವಾದಿ / ಪ್ರತಿವಾದಿ
ಪ್ರಕಟಣೆ

ಮೇಲ್ಕಂಡ ದಾವೆಯಲ್ಲಿ ವಾದಿಯವರು ಪ್ರತಿವಾದಿಯ ವಿರುದ್ಧ ಹಣ ವಸೂಲಾತಿಗಾಗಿ ದಾವೆ ಹೂಡಿರುತ್ತಾರೆ. ಪ್ರತಿವಾದಿಗೆ ಸಮನ್ಸ್ ಜಾರಿಯಾಗದ ಕಾರಣ ಈ ಪತ್ರಿಕಾ ಪ್ರಕಟಣೆಯ ಮೂಲಕ ತಿಳಿಸುವುದೇನೆಂದರೆ, ದಿನಾಂಕ: 11–02–2026 ರಂದು ಬೆಳಿಗ್ಗೆ 11 ಗಂಟೆಗೆ ಈ ನ್ಯಾಯಾಲಯದಲ್ಲಿ ಖುದ್ದಾಗಿ ಅಥವಾ ವಕೀಲರ ಮೂಲಕ ಹಾಜರಾಗಿ ತಮ್ಮ ಆಕ್ಷೇಪಣೆ ಸಲ್ಲಿಸಬೇಕು.

ನ್ಯಾಯಾಲಯದ ಆಜ್ಞೆ ಮೇರೆಗೆ, ಶಿರಸ್ತೇದಾರರು, ಸಾಗರ
ದಿನಾಂಕ: 13–01–2026
ಮಾನ್ಯ ಪ್ರಧಾನ ಹಿರಿಯ ಸಿವಿಲ್ ನ್ಯಾಯಾಧೀಶರ ನ್ಯಾಯಾಲಯ ಮತ್ತು ಸಿ.ಜೆ.ಎಂ. ಶಿವಮೊಗ್ಗ
ಇ.ಮಿಸ್.ನಂ.: 14/2026
ಅರ್ಜಿದಾರರು / ಎದುರುದಾರರು
ಪ್ರಕಟಣೆ

ಮೇಲ್ಕಂಡ ಅರ್ಜಿದಾರರು ಉತ್ತರಾಧಿಕಾರ ಪ್ರಮಾಣ ಪತ್ರಕ್ಕಾಗಿ ಅರ್ಜಿ ಸಲ್ಲಿಸಿರುತ್ತಾರೆ. ಮೃತರು ದಿನಾಂಕ: 27–07–2024 ರಂದು ನಿಧನರಾಗಿರುತ್ತಾರೆ. ಈ ಕುರಿತು ಯಾರಿಗಾದರೂ ಆಕ್ಷೇಪಣೆಗಳಿದ್ದಲ್ಲಿ ದಿನಾಂಕ: 11–03–2026 ರಂದು ಬೆಳಿಗ್ಗೆ 11.00 ಗಂಟೆಗೆ ಈ ನ್ಯಾಯಾಲಯದಲ್ಲಿ ಖುದ್ದಾಗಿ ಅಥವಾ ವಕೀಲರ ಮೂಲಕ ಹಾಜರಾಗಿ ಸಲ್ಲಿಸತಕ್ಕದ್ದು. ತಪ್ಪಿದಲ್ಲಿ ಪ್ರಕರಣವನ್ನು ತೀರ್ಮಾನಿಸಲಾಗುವುದು.

ನ್ಯಾಯಾಲಯದ ಆಜ್ಞೆ ಮೇರೆಗೆ, ಶಿರಸ್ತೇದಾರರು, ಸಿ.ಜೆ.ಎಂ. ಶಿವಮೊಗ್ಗ
ದಿನಾಂಕ: 12–01–2026
Hosadigantha kannada daily Printed & Published by P.S. Prakash on behalf of Jnanabharathi Prakashana Limited. Printed at Digantha Mudrana, New Thirthahalli Road, Shivamogga - 577201
and Published at 'Madhura Nilaya', 4th Cross, Durgigudi, Park Extension, Shivamogga 577202. Ph: (08182) 401752, 8861209076. Editor : P.S. Prakash, Group Editor : Vinayak S. Bhat.
